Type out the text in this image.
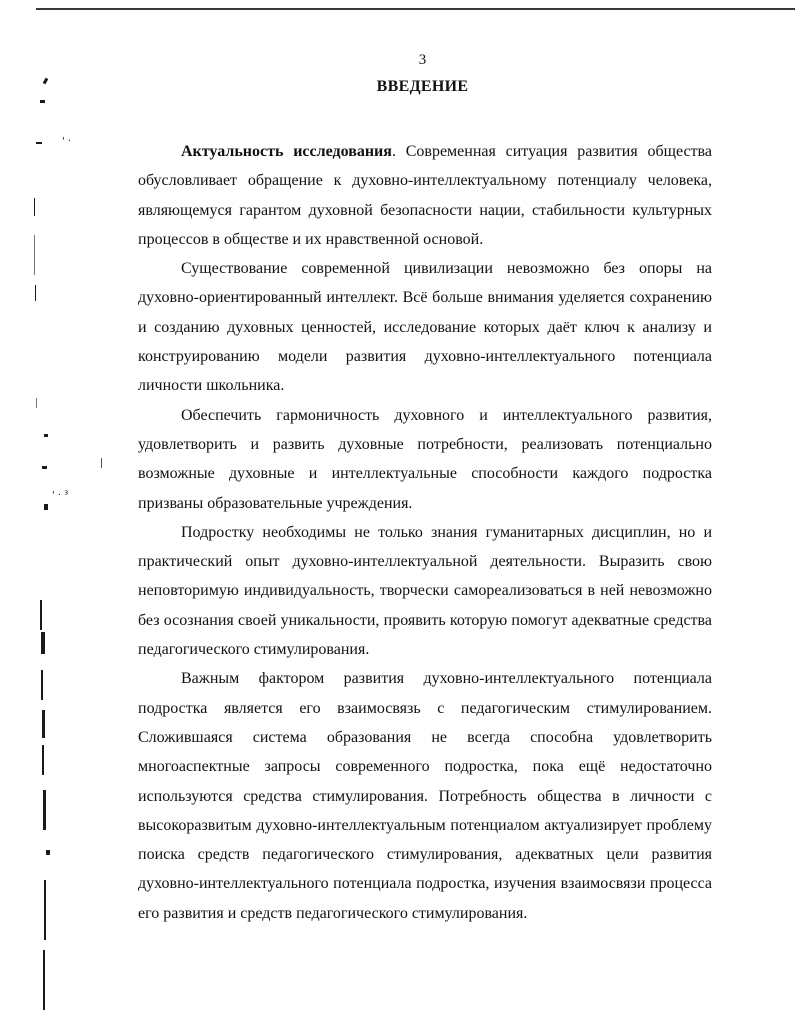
' ·
' · ³
3
ВВЕДЕНИЕ

Актуальность исследования. Современная ситуация развития общества обусловливает обращение к духовно-интеллектуальному потенциалу человека, являющемуся гарантом духовной безопасности нации, стабильности культурных процессов в обществе и их нравственной основой.

Существование современной цивилизации невозможно без опоры на духовно-ориентированный интеллект. Всё больше внимания уделяется сохранению и созданию духовных ценностей, исследование которых даёт ключ к анализу и конструированию модели развития духовно-интеллектуального потенциала личности школьника.

Обеспечить гармоничность духовного и интеллектуального развития, удовлетворить и развить духовные потребности, реализовать потенциально возможные духовные и интеллектуальные способности каждого подростка призваны образовательные учреждения.

Подростку необходимы не только знания гуманитарных дисциплин, но и практический опыт духовно-интеллектуальной деятельности. Выразить свою неповторимую индивидуальность, творчески самореализоваться в ней невозможно без осознания своей уникальности, проявить которую помогут адекватные средства педагогического стимулирования.

Важным фактором развития духовно-интеллектуального потенциала подростка является его взаимосвязь с педагогическим стимулированием. Сложившаяся система образования не всегда способна удовлетворить многоаспектные запросы современного подростка, пока ещё недостаточно используются средства стимулирования. Потребность общества в личности с высокоразвитым духовно-интеллектуальным потенциалом актуализирует проблему поиска средств педагогического стимулирования, адекватных цели развития духовно-интеллектуального потенциала подростка, изучения взаимосвязи процесса его развития и средств педагогического стимулирования.
